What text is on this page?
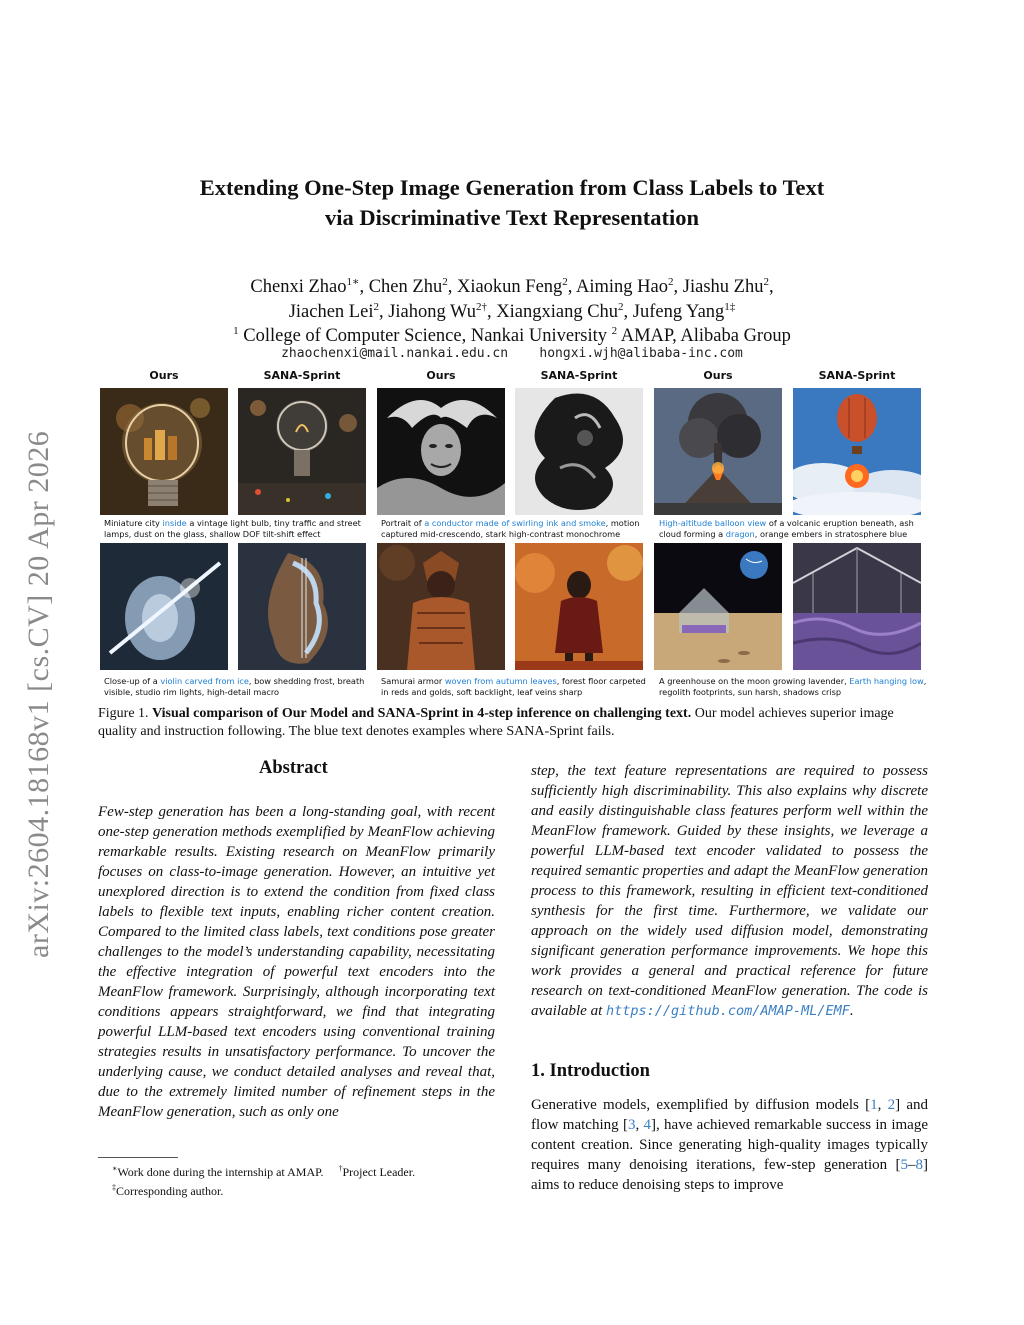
arXiv:2604.18168v1 [cs.CV] 20 Apr 2026
Extending One-Step Image Generation from Class Labels to Text
via Discriminative Text Representation
Chenxi Zhao$^{1∗}$, Chen Zhu$^2$, Xiaokun Feng$^2$, Aiming Hao$^2$, Jiashu Zhu$^2$,
Jiachen Lei$^2$, Jiahong $Wu^{2\dagger}$, Xiangxiang Chu$^2$, Jufeng Yang$^{1\ddagger}$
$^1$ College of Computer Science, Nankai University $^2$ AMAP, Alibaba Group
zhaochenxi@mail.nankai.edu.cn    hongxi.wjh@alibaba-inc.com
Ours	SANA-Sprint	Ours	SANA-Sprint	Ours	SANA-Sprint
Miniature city inside a vintage light bulb, tiny traffic and street lamps, dust on the glass, shallow DOF tilt-shift effect
Portrait of a conductor made of swirling ink and smoke, motion captured mid-crescendo, stark high-contrast monochrome
High-altitude balloon view of a volcanic eruption beneath, ash cloud forming a dragon, orange embers in stratosphere blue
Close-up of a violin carved from ice, bow shedding frost, breath visible, studio rim lights, high-detail macro
Samurai armor woven from autumn leaves, forest floor carpeted in reds and golds, soft backlight, leaf veins sharp
A greenhouse on the moon growing lavender, Earth hanging low, regolith footprints, sun harsh, shadows crisp
Figure 1. Visual comparison of Our Model and SANA-Sprint in 4-step inference on challenging text. Our model achieves superior image quality and instruction following. The blue text denotes examples where SANA-Sprint fails.
Abstract
Few-step generation has been a long-standing goal, with recent one-step generation methods exemplified by MeanFlow achieving remarkable results. Existing research on MeanFlow primarily focuses on class-to-image generation. However, an intuitive yet unexplored direction is to extend the condition from fixed class labels to flexible text inputs, enabling richer content creation. Compared to the limited class labels, text conditions pose greater challenges to the model’s understanding capability, necessitating the effective integration of powerful text encoders into the MeanFlow framework. Surprisingly, although incorporating text conditions appears straightforward, we find that integrating powerful LLM-based text encoders using conventional training strategies results in unsatisfactory performance. To uncover the underlying cause, we conduct detailed analyses and reveal that, due to the extremely limited number of refinement steps in the MeanFlow generation, such as only one
step, the text feature representations are required to possess sufficiently high discriminability. This also explains why discrete and easily distinguishable class features perform well within the MeanFlow framework. Guided by these insights, we leverage a powerful LLM-based text encoder validated to possess the required semantic properties and adapt the MeanFlow generation process to this framework, resulting in efficient text-conditioned synthesis for the first time. Furthermore, we validate our approach on the widely used diffusion model, demonstrating significant generation performance improvements. We hope this work provides a general and practical reference for future research on text-conditioned MeanFlow generation. The code is available at https://github.com/AMAP-ML/EMF.
1. Introduction
Generative models, exemplified by diffusion models [1, 2] and flow matching [3, 4], have achieved remarkable success in image content creation. Since generating high-quality images typically requires many denoising iterations, few-step generation [5–8] aims to reduce denoising steps to improve
∗Work done during the internship at AMAP. †Project Leader.
‡Corresponding author.
